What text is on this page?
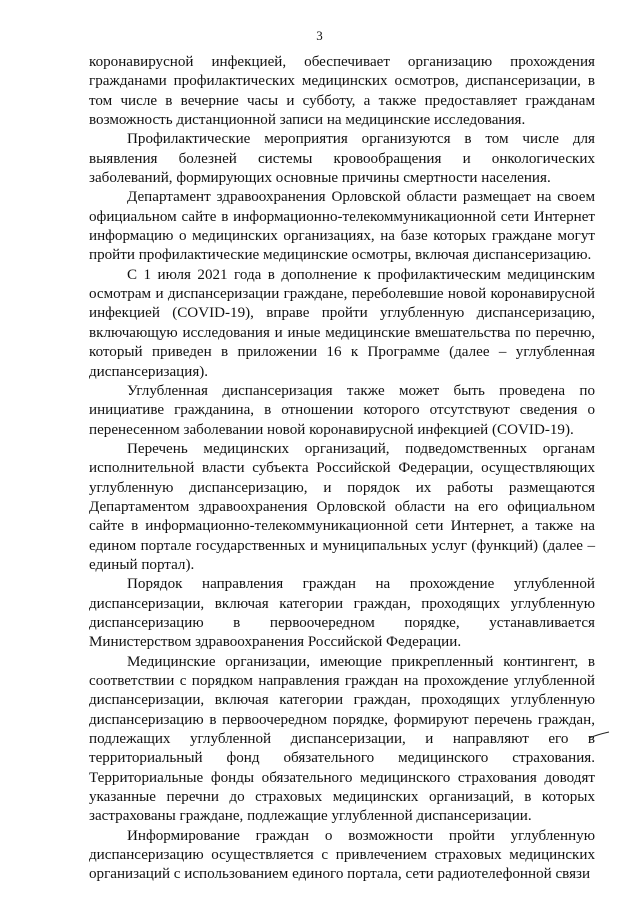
3

коронавирусной инфекцией, обеспечивает организацию прохождения гражданами профилактических медицинских осмотров, диспансеризации, в том числе в вечерние часы и субботу, а также предоставляет гражданам возможность дистанционной записи на медицинские исследования.

Профилактические мероприятия организуются в том числе для выявления болезней системы кровообращения и онкологических заболеваний, формирующих основные причины смертности населения.

Департамент здравоохранения Орловской области размещает на своем официальном сайте в информационно-телекоммуникационной сети Интернет информацию о медицинских организациях, на базе которых граждане могут пройти профилактические медицинские осмотры, включая диспансеризацию.

С 1 июля 2021 года в дополнение к профилактическим медицинским осмотрам и диспансеризации граждане, переболевшие новой коронавирусной инфекцией (COVID-19), вправе пройти углубленную диспансеризацию, включающую исследования и иные медицинские вмешательства по перечню, который приведен в приложении 16 к Программе (далее – углубленная диспансеризация).

Углубленная диспансеризация также может быть проведена по инициативе гражданина, в отношении которого отсутствуют сведения о перенесенном заболевании новой коронавирусной инфекцией (COVID-19).

Перечень медицинских организаций, подведомственных органам исполнительной власти субъекта Российской Федерации, осуществляющих углубленную диспансеризацию, и порядок их работы размещаются Департаментом здравоохранения Орловской области на его официальном сайте в информационно-телекоммуникационной сети Интернет, а также на едином портале государственных и муниципальных услуг (функций) (далее – единый портал).

Порядок направления граждан на прохождение углубленной диспансеризации, включая категории граждан, проходящих углубленную диспансеризацию в первоочередном порядке, устанавливается Министерством здравоохранения Российской Федерации.

Медицинские организации, имеющие прикрепленный контингент, в соответствии с порядком направления граждан на прохождение углубленной диспансеризации, включая категории граждан, проходящих углубленную диспансеризацию в первоочередном порядке, формируют перечень граждан, подлежащих углубленной диспансеризации, и направляют его в территориальный фонд обязательного медицинского страхования. Территориальные фонды обязательного медицинского страхования доводят указанные перечни до страховых медицинских организаций, в которых застрахованы граждане, подлежащие углубленной диспансеризации.

Информирование граждан о возможности пройти углубленную диспансеризацию осуществляется с привлечением страховых медицинских организаций с использованием единого портала, сети радиотелефонной связи
